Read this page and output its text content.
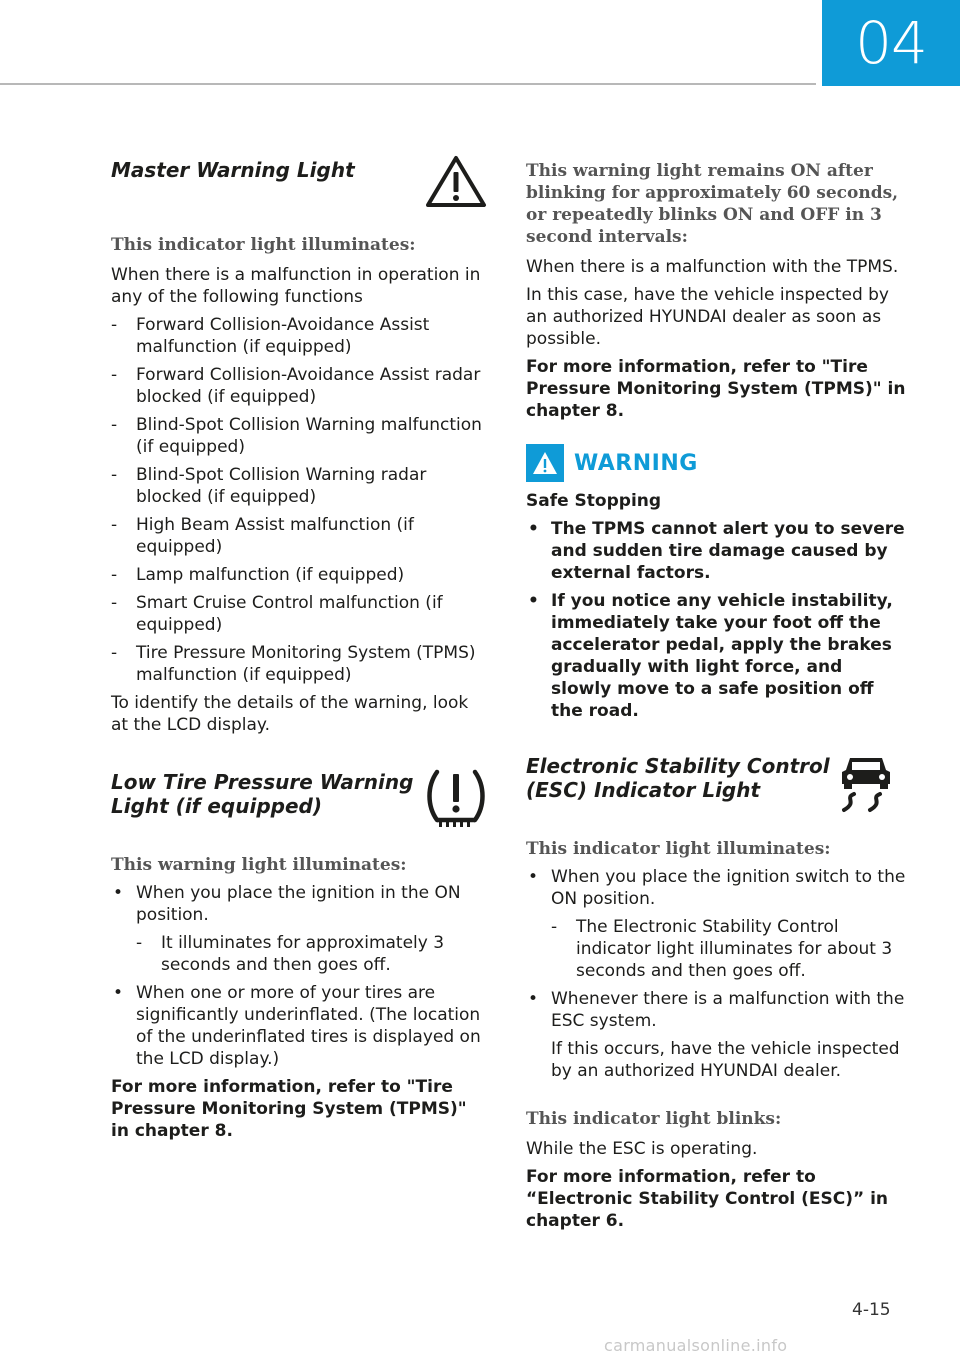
04

Master Warning Light

This indicator light illuminates:

When there is a malfunction in operation in any of the following functions

- Forward Collision-Avoidance Assist malfunction (if equipped)
- Forward Collision-Avoidance Assist radar blocked (if equipped)
- Blind-Spot Collision Warning malfunction (if equipped)
- Blind-Spot Collision Warning radar blocked (if equipped)
- High Beam Assist malfunction (if equipped)
- Lamp malfunction (if equipped)
- Smart Cruise Control malfunction (if equipped)
- Tire Pressure Monitoring System (TPMS) malfunction (if equipped)

To identify the details of the warning, look at the LCD display.

Low Tire Pressure Warning

Light (if equipped)

This warning light illuminates:

• When you place the ignition in the ON position.
- It illuminates for approximately 3 seconds and then goes off.
• When one or more of your tires are significantly underinflated. (The location of the underinflated tires is displayed on the LCD display.)

For more information, refer to "Tire Pressure Monitoring System (TPMS)" in chapter 8.

This warning light remains ON after blinking for approximately 60 seconds, or repeatedly blinks ON and OFF in 3 second intervals:

When there is a malfunction with the TPMS.

In this case, have the vehicle inspected by an authorized HYUNDAI dealer as soon as possible.

For more information, refer to "Tire Pressure Monitoring System (TPMS)" in chapter 8.

WARNING

Safe Stopping

• The TPMS cannot alert you to severe and sudden tire damage caused by external factors.
• If you notice any vehicle instability, immediately take your foot off the accelerator pedal, apply the brakes gradually with light force, and slowly move to a safe position off the road.

Electronic Stability Control

(ESC) Indicator Light

This indicator light illuminates:

• When you place the ignition switch to the ON position.
- The Electronic Stability Control indicator light illuminates for about 3 seconds and then goes off.
• Whenever there is a malfunction with the ESC system.

If this occurs, have the vehicle inspected by an authorized HYUNDAI dealer.

This indicator light blinks:

While the ESC is operating.

For more information, refer to “Electronic Stability Control (ESC)” in chapter 6.

4-15
carmanualsonline.info
